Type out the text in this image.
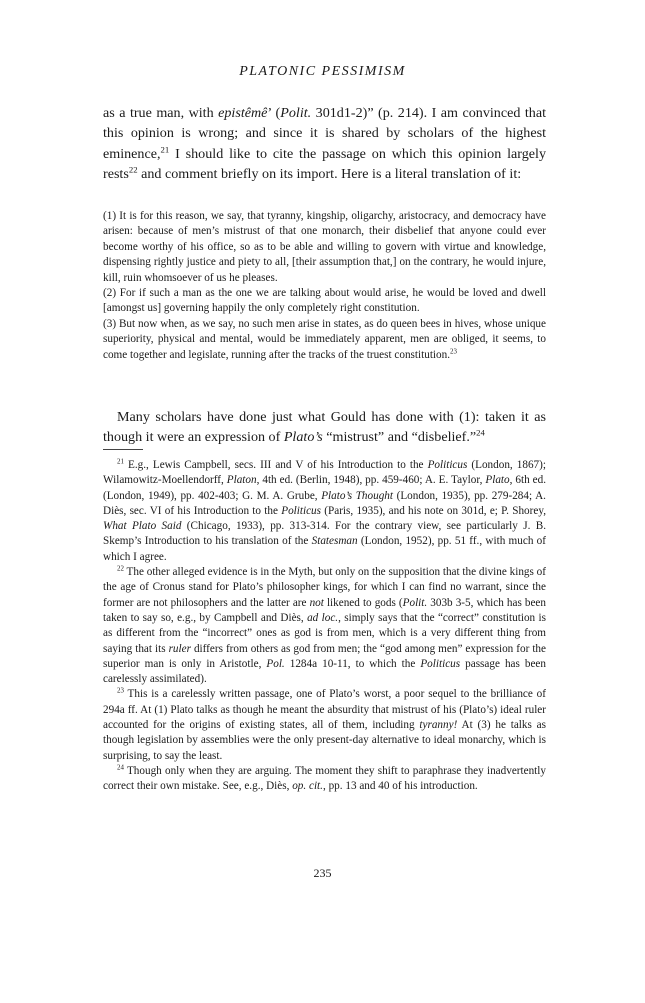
PLATONIC PESSIMISM

as a true man, with epistêmê’ (Polit. 301d1-2)” (p. 214). I am convinced that this opinion is wrong; and since it is shared by scholars of the highest eminence,$^{21}$ I should like to cite the passage on which this opinion largely rests$^{22}$ and comment briefly on its import. Here is a literal translation of it:

(1) It is for this reason, we say, that tyranny, kingship, oligarchy, aristocracy, and democracy have arisen: because of men’s mistrust of that one monarch, their disbelief that anyone could ever become worthy of his office, so as to be able and willing to govern with virtue and knowledge, dispensing rightly justice and piety to all, [their assumption that,] on the contrary, he would injure, kill, ruin whomsoever of us he pleases.

(2) For if such a man as the one we are talking about would arise, he would be loved and dwell [amongst us] governing happily the only completely right constitution.

(3) But now when, as we say, no such men arise in states, as do queen bees in hives, whose unique superiority, physical and mental, would be immediately apparent, men are obliged, it seems, to come together and legislate, running after the tracks of the truest constitution.$^{23}$

Many scholars have done just what Gould has done with (1): taken it as though it were an expression of Plato’s “mistrust” and “disbelief.”$^{24}$

$^{21}$ E.g., Lewis Campbell, secs. III and V of his Introduction to the Politicus (London, 1867); Wilamowitz-Moellendorff, Platon, 4th ed. (Berlin, 1948), pp. 459-460; A. E. Taylor, Plato, 6th ed. (London, 1949), pp. 402-403; G. M. A. Grube, Plato’s Thought (London, 1935), pp. 279-284; A. Diès, sec. VI of his Introduction to the Politicus (Paris, 1935), and his note on 301d, e; P. Shorey, What Plato Said (Chicago, 1933), pp. 313-314. For the contrary view, see particularly J. B. Skemp’s Introduction to his translation of the Statesman (London, 1952), pp. 51 ff., with much of which I agree.

$^{22}$ The other alleged evidence is in the Myth, but only on the supposition that the divine kings of the age of Cronus stand for Plato’s philosopher kings, for which I can find no warrant, since the former are not philosophers and the latter are not likened to gods (Polit. 303b 3-5, which has been taken to say so, e.g., by Campbell and Diès, ad loc., simply says that the “correct” constitution is as different from the “incorrect” ones as god is from men, which is a very different thing from saying that its ruler differs from others as god from men; the “god among men” expression for the superior man is only in Aristotle, Pol. 1284a 10-11, to which the Politicus passage has been carelessly assimilated).

$^{23}$ This is a carelessly written passage, one of Plato’s worst, a poor sequel to the brilliance of 294a ff. At (1) Plato talks as though he meant the absurdity that mistrust of his (Plato’s) ideal ruler accounted for the origins of existing states, all of them, including tyranny! At (3) he talks as though legislation by assemblies were the only present-day alternative to ideal monarchy, which is surprising, to say the least.

$^{24}$ Though only when they are arguing. The moment they shift to paraphrase they inadvertently correct their own mistake. See, e.g., Diès, op. cit., pp. 13 and 40 of his introduction.

235
